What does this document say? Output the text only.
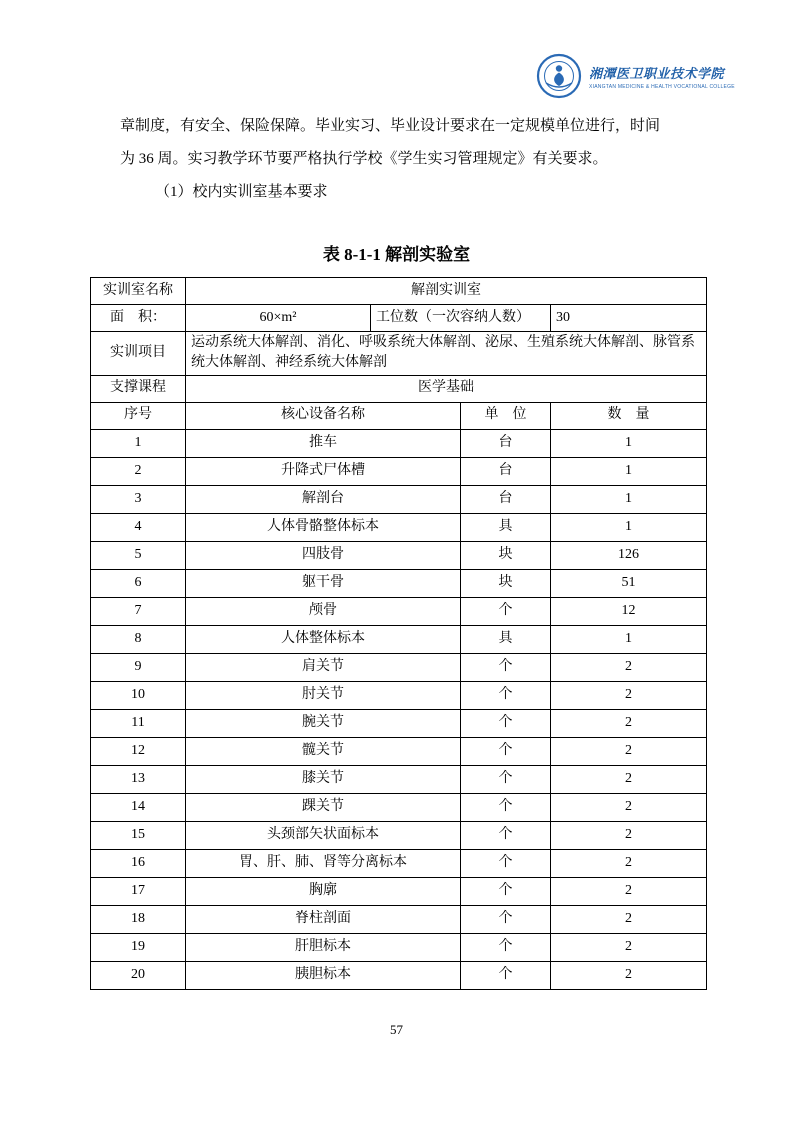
湘潭医卫职业技术学院
XIANGTAN MEDICINE & HEALTH VOCATIONAL COLLEGE
章制度，有安全、保险保障。毕业实习、毕业设计要求在一定规模单位进行，时间
为 36 周。实习教学环节要严格执行学校《学生实习管理规定》有关要求。
（1）校内实训室基本要求
表 8-1-1 解剖实验室
实训室名称	解剖实训室			
面　积：	60×m²	工位数（一次容纳人数）		30
实训项目	运动系统大体解剖、消化、呼吸系统大体解剖、泌尿、生殖系统大体解剖、脉管系统大体解剖、神经系统大体解剖			
支撑课程	医学基础			
序号	核心设备名称		单　位	数　量
1	推车		台	1
2	升降式尸体槽		台	1
3	解剖台		台	1
4	人体骨骼整体标本		具	1
5	四肢骨		块	126
6	躯干骨		块	51
7	颅骨		个	12
8	人体整体标本		具	1
9	肩关节		个	2
10	肘关节		个	2
11	腕关节		个	2
12	髋关节		个	2
13	膝关节		个	2
14	踝关节		个	2
15	头颈部矢状面标本		个	2
16	胃、肝、肺、肾等分离标本		个	2
17	胸廓		个	2
18	脊柱剖面		个	2
19	肝胆标本		个	2
20	胰胆标本		个	2
57
